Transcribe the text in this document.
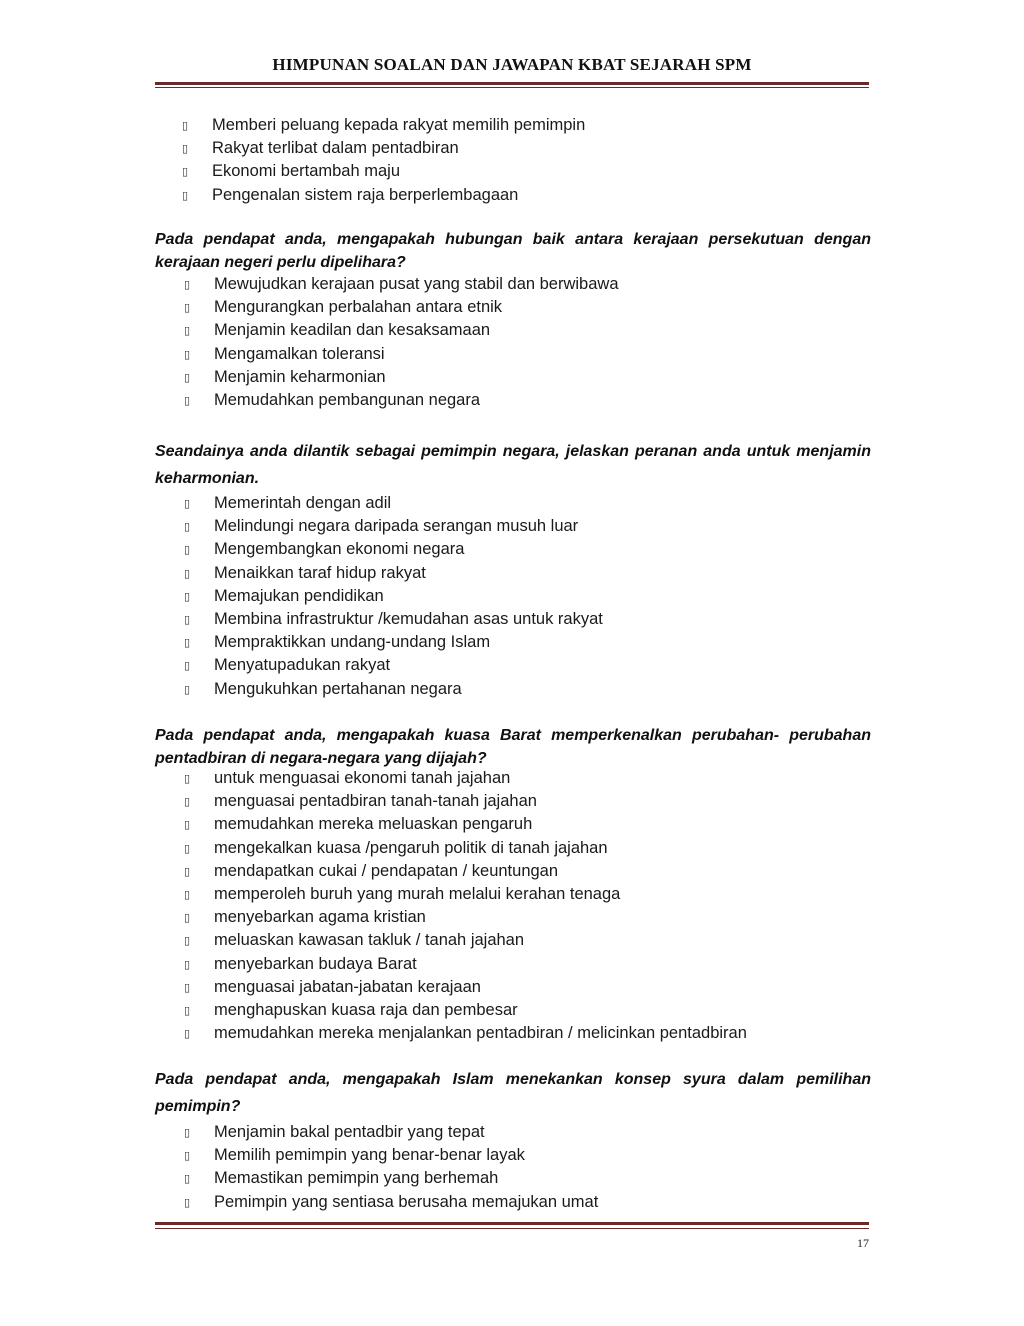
HIMPUNAN SOALAN DAN JAWAPAN KBAT SEJARAH SPM
▯ Memberi peluang kepada rakyat memilih pemimpin
▯ Rakyat terlibat dalam pentadbiran
▯ Ekonomi bertambah maju
▯ Pengenalan sistem raja berperlembagaan

Pada pendapat anda, mengapakah hubungan baik antara kerajaan persekutuan dengan kerajaan negeri perlu dipelihara?

▯ Mewujudkan kerajaan pusat yang stabil dan berwibawa
▯ Mengurangkan perbalahan antara etnik
▯ Menjamin keadilan dan kesaksamaan
▯ Mengamalkan toleransi
▯ Menjamin keharmonian
▯ Memudahkan pembangunan negara

Seandainya anda dilantik sebagai pemimpin negara, jelaskan peranan anda untuk menjamin keharmonian.

▯ Memerintah dengan adil
▯ Melindungi negara daripada serangan musuh luar
▯ Mengembangkan ekonomi negara
▯ Menaikkan taraf hidup rakyat
▯ Memajukan pendidikan
▯ Membina infrastruktur /kemudahan asas untuk rakyat
▯ Mempraktikkan undang-undang Islam
▯ Menyatupadukan rakyat
▯ Mengukuhkan pertahanan negara

Pada pendapat anda, mengapakah kuasa Barat memperkenalkan perubahan- perubahan pentadbiran di negara-negara yang dijajah?

▯ untuk menguasai ekonomi tanah jajahan
▯ menguasai pentadbiran tanah-tanah jajahan
▯ memudahkan mereka meluaskan pengaruh
▯ mengekalkan kuasa /pengaruh politik di tanah jajahan
▯ mendapatkan cukai / pendapatan / keuntungan
▯ memperoleh buruh yang murah melalui kerahan tenaga
▯ menyebarkan agama kristian
▯ meluaskan kawasan takluk / tanah jajahan
▯ menyebarkan budaya Barat
▯ menguasai jabatan-jabatan kerajaan
▯ menghapuskan kuasa raja dan pembesar
▯ memudahkan mereka menjalankan pentadbiran / melicinkan pentadbiran

Pada pendapat anda, mengapakah Islam menekankan konsep syura dalam pemilihan pemimpin?

▯ Menjamin bakal pentadbir yang tepat
▯ Memilih pemimpin yang benar-benar layak
▯ Memastikan pemimpin yang berhemah
▯ Pemimpin yang sentiasa berusaha memajukan umat
17
